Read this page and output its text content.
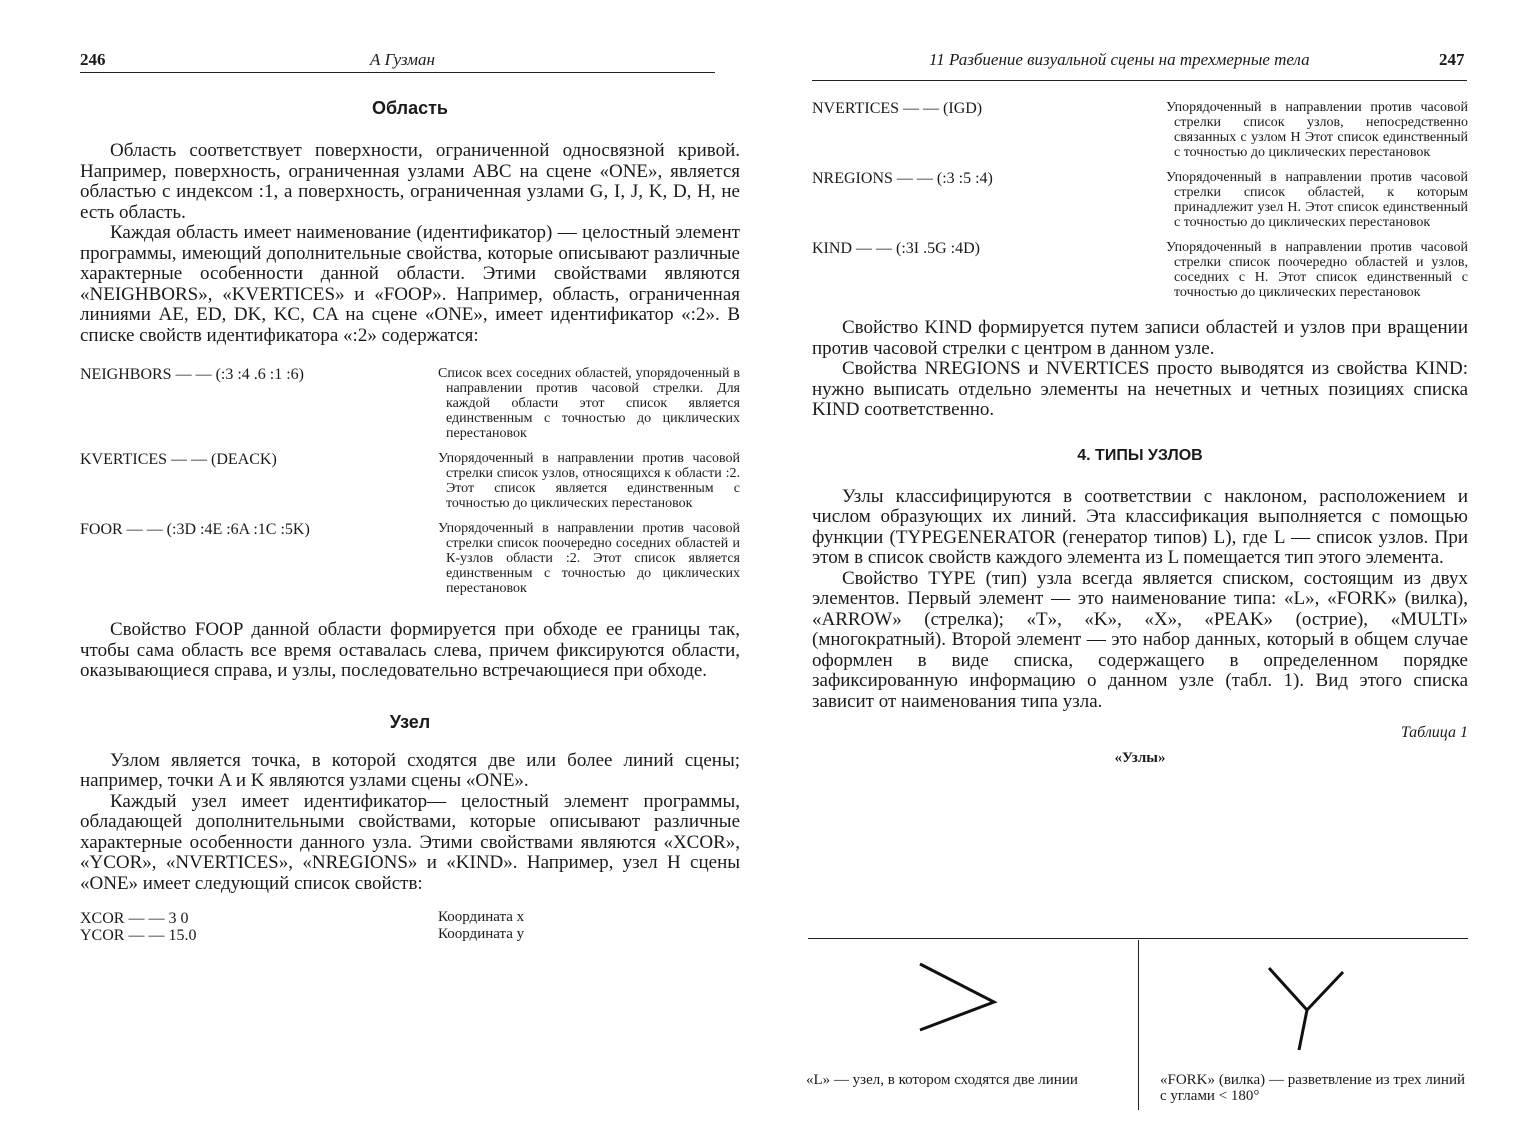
246	А Гузман
Область

Область соответствует поверхности, ограниченной односвязной кривой. Например, поверхность, ограниченная узлами ABC на сцене «ONE», является областью с индексом :1, а поверхность, ограниченная узлами G, I, J, K, D, H, не есть область.

Каждая область имеет наименование (идентификатор) — целостный элемент программы, имеющий дополнительные свойства, которые описывают различные характерные особенности данной области. Этими свойствами являются «NEIGHBORS», «KVERTICES» и «FOOP». Например, область, ограниченная линиями AE, ED, DK, KC, CA на сцене «ONE», имеет идентификатор «:2». В списке свойств идентификатора «:2» содержатся:

NEIGHBORS — — (:3 :4 .6 :1 :6)	Список всех соседних областей, упорядоченный в направлении против часовой стрелки. Для каждой области этот список является единственным с точностью до циклических перестановок

KVERTICES — — (DEACK)	Упорядоченный в направлении против часовой стрелки список узлов, относящихся к области :2. Этот список является единственным с точностью до циклических перестановок

FOOR — — (:3D :4E :6A :1C :5K)	Упорядоченный в направлении против часовой стрелки список поочередно соседних областей и К-узлов области :2. Этот список является единственным с точностью до циклических перестановок

Свойство FOOP данной области формируется при обходе ее границы так, чтобы сама область все время оставалась слева, причем фиксируются области, оказывающиеся справа, и узлы, последовательно встречающиеся при обходе.

Узел

Узлом является точка, в которой сходятся две или более линий сцены; например, точки A и K являются узлами сцены «ONE».

Каждый узел имеет идентификатор— целостный элемент программы, обладающей дополнительными свойствами, которые описывают различные характерные особенности данного узла. Этими свойствами являются «XCOR», «YCOR», «NVERTICES», «NREGIONS» и «KIND». Например, узел H сцены «ONE» имеет следующий список свойств:

XCOR — — 3 0	Координата x

YCOR — — 15.0	Координата y

11 Разбиение визуальной сцены на трехмерные тела	247
NVERTICES — — (IGD)	Упорядоченный в направлении против часовой стрелки список узлов, непосредственно связанных с узлом H Этот список единственный с точностью до циклических перестановок

NREGIONS — — (:3 :5 :4)	Упорядоченный в направлении против часовой стрелки список областей, к которым принадлежит узел H. Этот список единственный с точностью до циклических перестановок

KIND — — (:3I .5G :4D)	Упорядоченный в направлении против часовой стрелки список поочередно областей и узлов, соседних с H. Этот список единственный с точностью до циклических перестановок

Свойство KIND формируется путем записи областей и узлов при вращении против часовой стрелки с центром в данном узле.

Свойства NREGIONS и NVERTICES просто выводятся из свойства KIND: нужно выписать отдельно элементы на нечетных и четных позициях списка KIND соответственно.

4. ТИПЫ УЗЛОВ

Узлы классифицируются в соответствии с наклоном, расположением и числом образующих их линий. Эта классификация выполняется с помощью функции (TYPEGENERATOR (генератор типов) L), где L — список узлов. При этом в список свойств каждого элемента из L помещается тип этого элемента.

Свойство TYPE (тип) узла всегда является списком, состоящим из двух элементов. Первый элемент — это наименование типа: «L», «FORK» (вилка), «ARROW» (стрелка); «T», «K», «X», «PEAK» (острие), «MULTI» (многократный). Второй элемент — это набор данных, который в общем случае оформлен в виде списка, содержащего в определенном порядке зафиксированную информацию о данном узле (табл. 1). Вид этого списка зависит от наименования типа узла.

Таблица 1
«Узлы»

«L» — узел, в котором сходятся две линии	«FORK» (вилка) — разветвление из трех линий с углами < 180°
